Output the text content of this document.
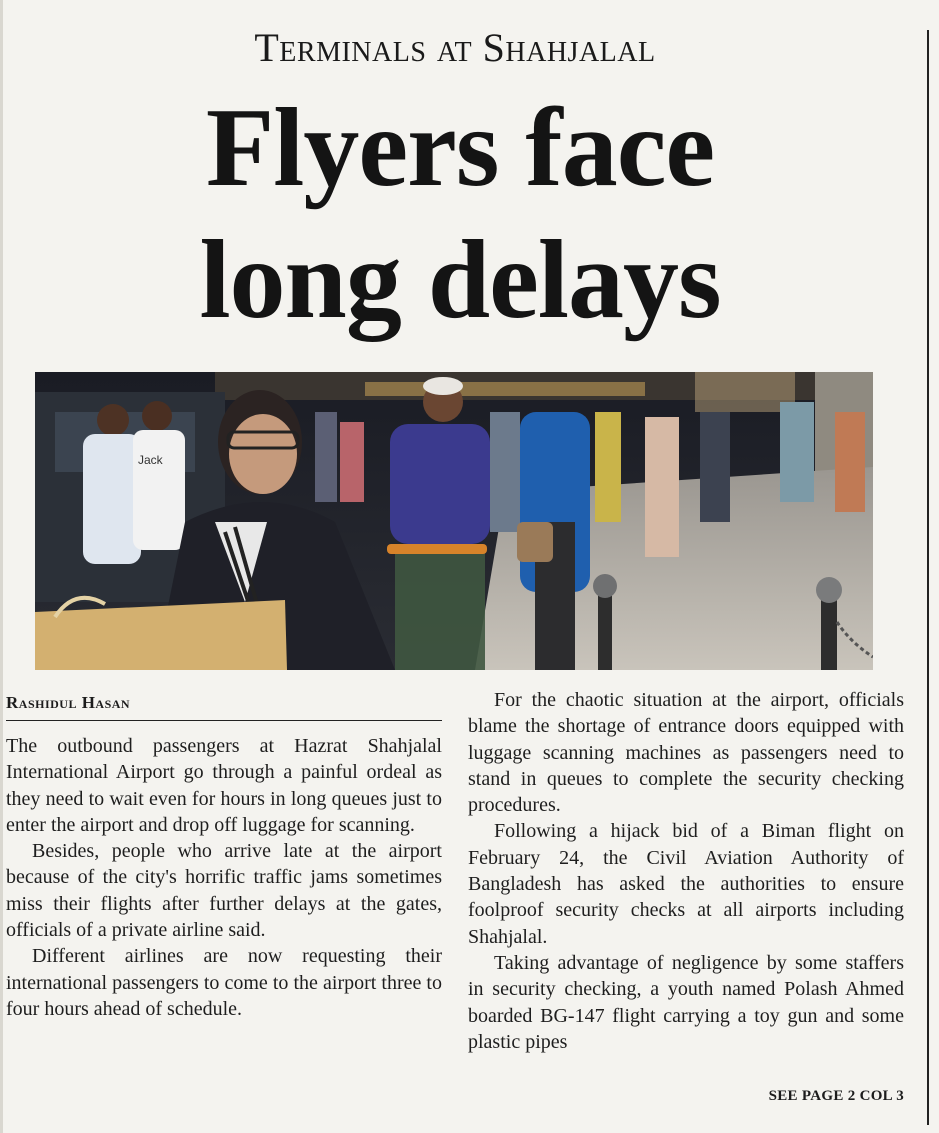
Terminals at Shahjalal
Flyers face
long delays
Jack
Rashidul Hasan

The outbound passengers at Hazrat Shahjalal International Airport go through a painful ordeal as they need to wait even for hours in long queues just to enter the airport and drop off luggage for scanning.

Besides, people who arrive late at the airport because of the city's horrific traffic jams sometimes miss their flights after further delays at the gates, officials of a private airline said.

Different airlines are now requesting their international passengers to come to the airport three to four hours ahead of schedule.

For the chaotic situation at the airport, officials blame the shortage of entrance doors equipped with luggage scanning machines as passengers need to stand in queues to complete the security checking procedures.

Following a hijack bid of a Biman flight on February 24, the Civil Aviation Authority of Bangladesh has asked the authorities to ensure foolproof security checks at all airports including Shahjalal.

Taking advantage of negligence by some staffers in security checking, a youth named Polash Ahmed boarded BG-147 flight carrying a toy gun and some plastic pipes

SEE PAGE 2 COL 3
